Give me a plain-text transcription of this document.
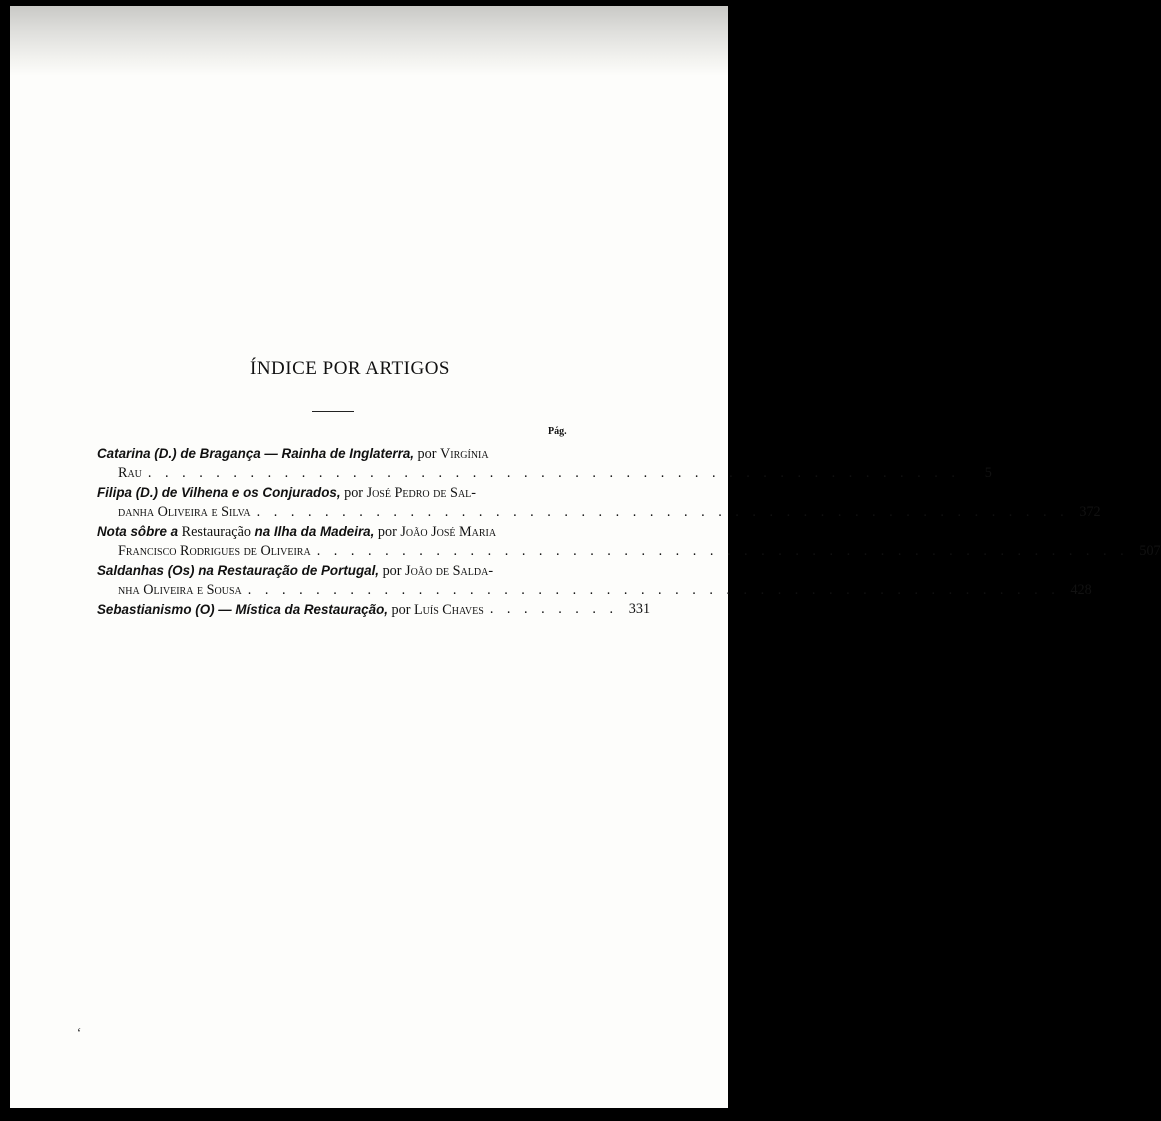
ÍNDICE POR ARTIGOS
Pág.
Catarina (D.) de Bragança — Rainha de Inglaterra, por Virgínia
Rau . . . . . . . . . . . . . . . . . . . . . . . . . . . . . . . . . . . . . . . . . . . . . . . .	5
Filipa (D.) de Vilhena e os Conjurados, por José Pedro de Sal-
danha Oliveira e Silva . . . . . . . . . . . . . . . . . . . . . . . . . . . . . . . . . . . . . . . . . . . . . . . . 372
Nota sôbre a Restauração na Ilha da Madeira, por João José Maria
Francisco Rodrigues de Oliveira . . . . . . . . . . . . . . . . . . . . . . . . . . . . . . . . . . . . . . . . . . . . . . . . 507
Saldanhas (Os) na Restauração de Portugal, por João de Salda-
nha Oliveira e Sousa . . . . . . . . . . . . . . . . . . . . . . . . . . . . . . . . . . . . . . . . . . . . . . . . 428
Sebastianismo (O) — Mística da Restauração, por Luís Chaves . . . . . . . . 331
‘
